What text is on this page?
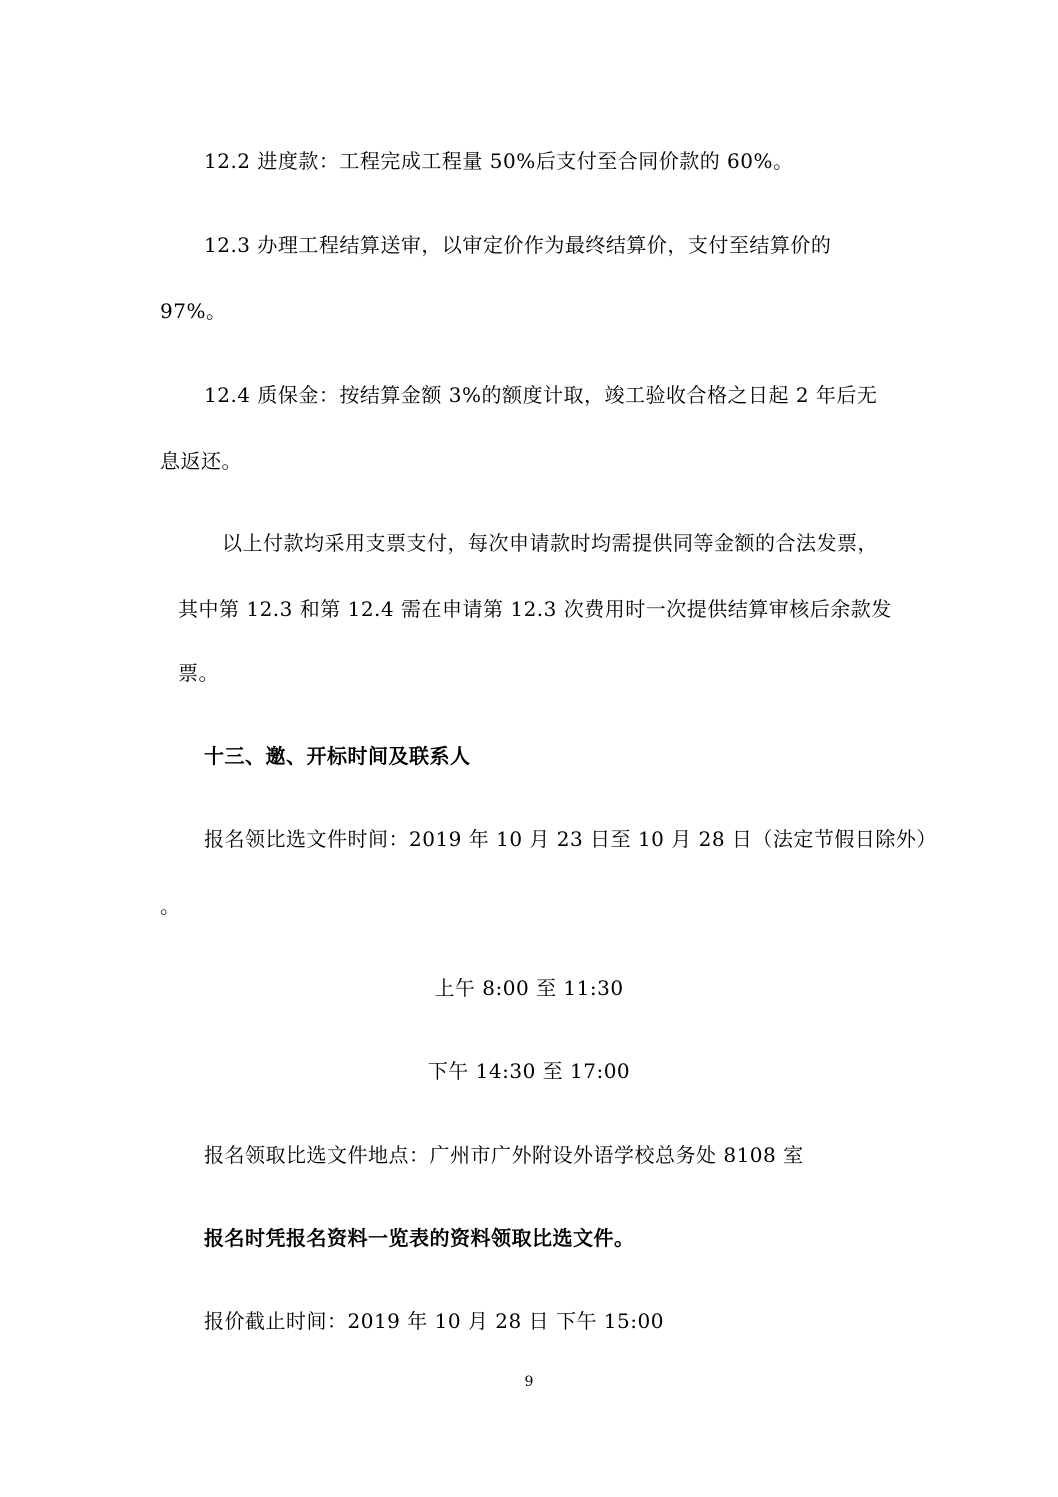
12.2 进度款：工程完成工程量 50%后支付至合同价款的 60%。
12.3 办理工程结算送审，以审定价作为最终结算价，支付至结算价的
97%。
12.4 质保金：按结算金额 3%的额度计取，竣工验收合格之日起 2 年后无
息返还。
以上付款均采用支票支付，每次申请款时均需提供同等金额的合法发票，
其中第 12.3 和第 12.4 需在申请第 12.3 次费用时一次提供结算审核后余款发
票。
十三、邀、开标时间及联系人
报名领比选文件时间：2019 年 10 月 23 日至 10 月 28 日（法定节假日除外）
。
上午 8:00 至 11:30
下午 14:30 至 17:00
报名领取比选文件地点：广州市广外附设外语学校总务处 8108 室
报名时凭报名资料一览表的资料领取比选文件。
报价截止时间：2019 年 10 月 28 日 下午 15:00
9
